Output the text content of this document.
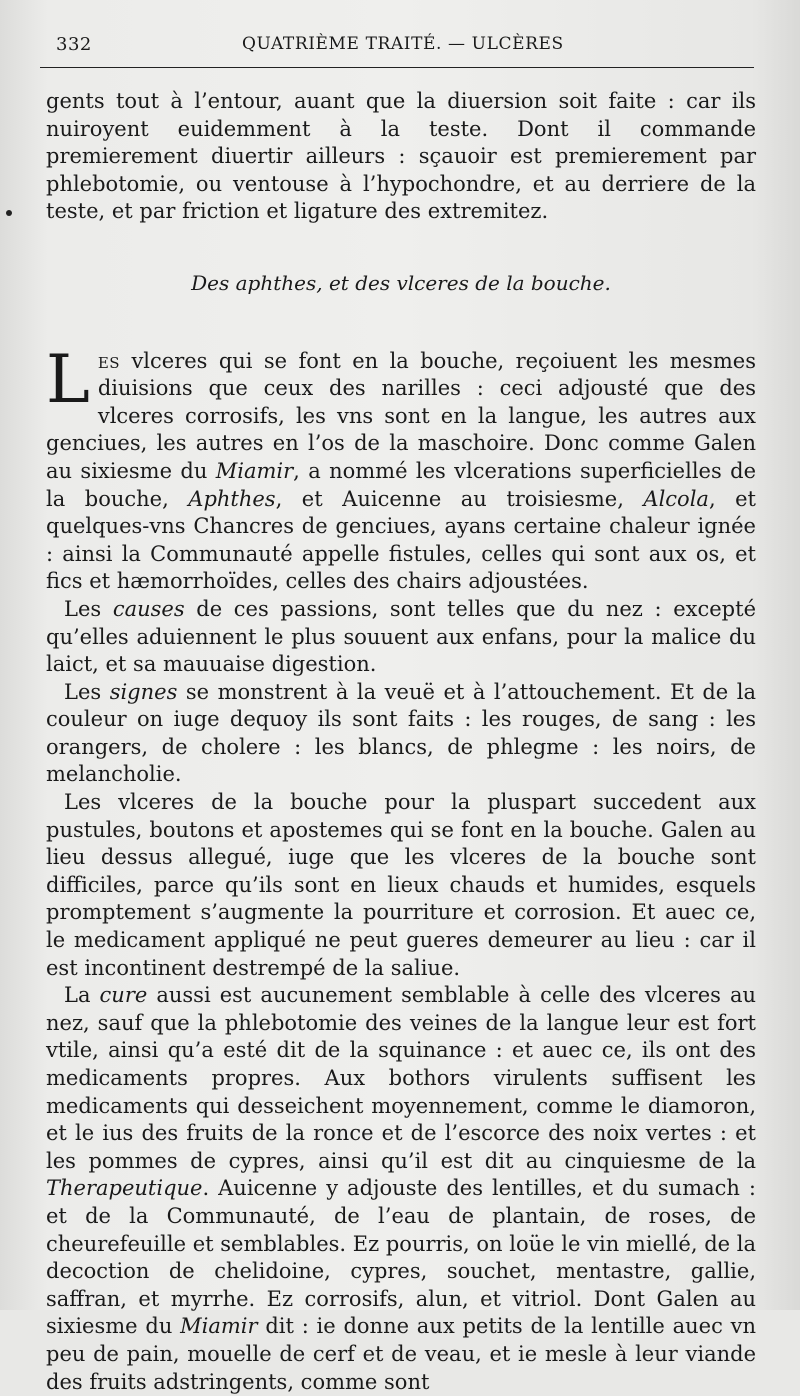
332	QUATRIÈME TRAITÉ. — ULCÈRES

gents tout à l’entour, auant que la diuersion soit faite : car ils nuiroyent euidemment à la teste. Dont il commande premierement diuertir ailleurs : sçauoir est premierement par phlebotomie, ou ventouse à l’hypochondre, et au derriere de la teste, et par friction et ligature des extremitez.

Des aphthes, et des vlceres de la bouche.

Les vlceres qui se font en la bouche, reçoiuent les mesmes diuisions que ceux des narilles : ceci adjousté que des vlceres corrosifs, les vns sont en la langue, les autres aux genciues, les autres en l’os de la maschoire. Donc comme Galen au sixiesme du Miamir, a nommé les vlcerations superficielles de la bouche, Aphthes, et Auicenne au troisiesme, Alcola, et quelques-vns Chancres de genciues, ayans certaine chaleur ignée : ainsi la Communauté appelle fistules, celles qui sont aux os, et fics et hæmorrhoïdes, celles des chairs adjoustées.

Les causes de ces passions, sont telles que du nez : excepté qu’elles aduiennent le plus souuent aux enfans, pour la malice du laict, et sa mauuaise digestion.

Les signes se monstrent à la veuë et à l’attouchement. Et de la couleur on iuge dequoy ils sont faits : les rouges, de sang : les orangers, de cholere : les blancs, de phlegme : les noirs, de melancholie.

Les vlceres de la bouche pour la pluspart succedent aux pustules, boutons et apostemes qui se font en la bouche. Galen au lieu dessus allegué, iuge que les vlceres de la bouche sont difficiles, parce qu’ils sont en lieux chauds et humides, esquels promptement s’augmente la pourriture et corrosion. Et auec ce, le medicament appliqué ne peut gueres demeurer au lieu : car il est incontinent destrempé de la saliue.

La cure aussi est aucunement semblable à celle des vlceres au nez, sauf que la phlebotomie des veines de la langue leur est fort vtile, ainsi qu’a esté dit de la squinance : et auec ce, ils ont des medicaments propres. Aux bothors virulents suffisent les medicaments qui desseichent moyennement, comme le diamoron, et le ius des fruits de la ronce et de l’escorce des noix vertes : et les pommes de cypres, ainsi qu’il est dit au cinquiesme de la Therapeutique. Auicenne y adjouste des lentilles, et du sumach : et de la Communauté, de l’eau de plantain, de roses, de cheurefeuille et semblables. Ez pourris, on loüe le vin miellé, de la decoction de chelidoine, cypres, souchet, mentastre, gallie, saffran, et myrrhe. Ez corrosifs, alun, et vitriol. Dont Galen au sixiesme du Miamir dit : ie donne aux petits de la lentille auec vn peu de pain, mouelle de cerf et de veau, et ie mesle à leur viande des fruits adstringents, comme sont
